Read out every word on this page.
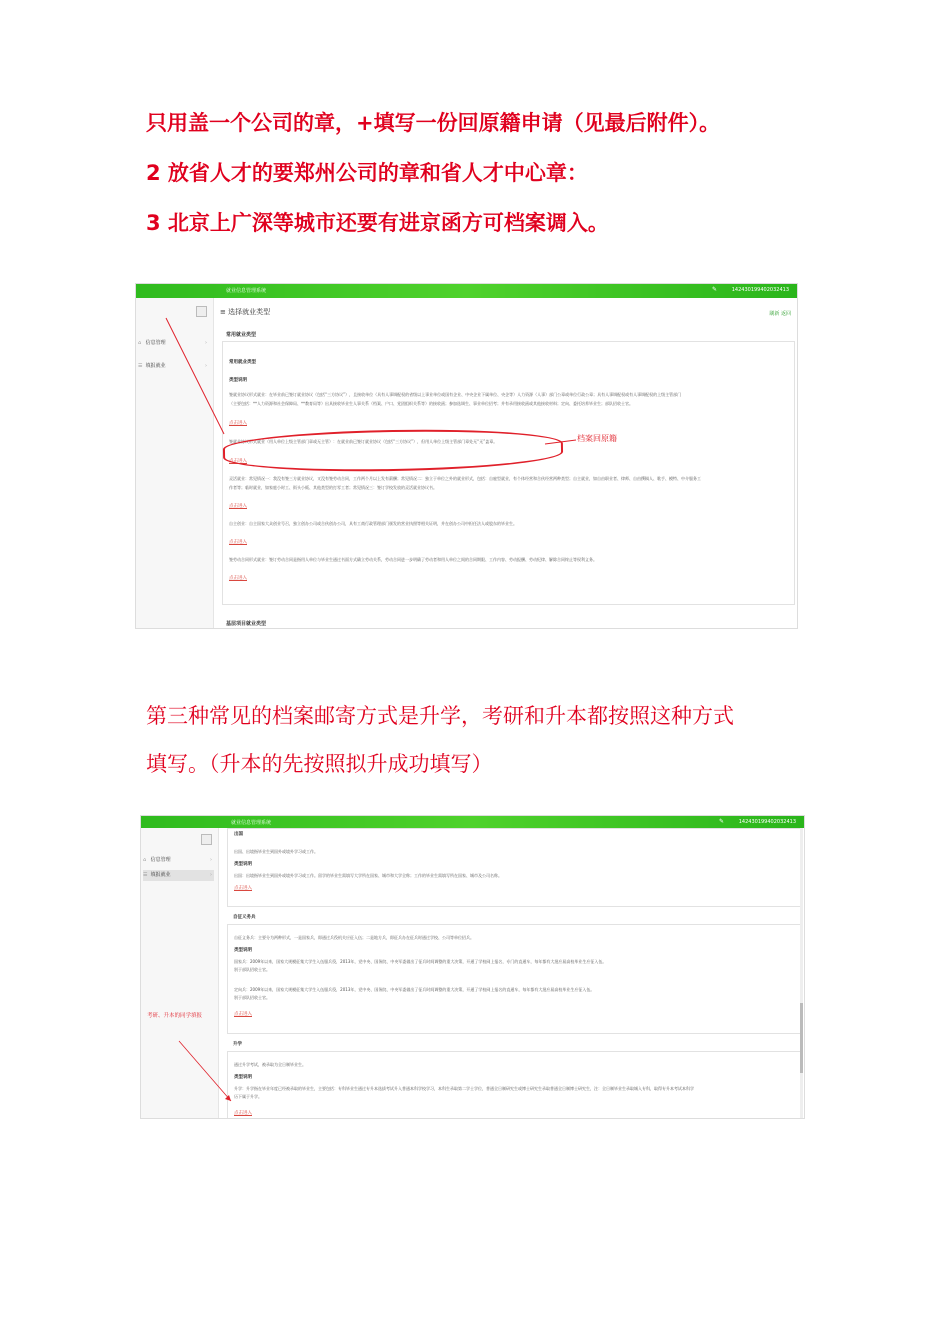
只用盖一个公司的章，+填写一份回原籍申请（见最后附件）。
2 放省人才的要郑州公司的章和省人才中心章：
3 北京上广深等城市还要有进京函方可档案调入。
就业信息管理系统	✎	142430199402032413
⌂ 信息管理	›
☰ 填报就业	›
≡ 选择就业类型	刷新 返回
常用就业类型
常用就业类型
类型说明
签就业协议形式就业：在毕业前已签订就业协议（包括“三方协议”），且接收单位（具有人事调配权的省级以上事业单位或国有企业、中央企业下属单位、央企等）人力资源（人事）部门公章或单位行政公章；具有人事调配权或有人事调配权的上级主管部门
（主要包括：**人力资源和社会保障局、**教育局等）出具接收毕业生人事关系（档案、户口、党团组织关系等）的接收函；参加选调生、事业单位招考；并有录用接收函或其他接收材料；定向、委托培养毕业生；部队招收士官。
点击进入
签就业协议形式就业（用人单位上级主管部门章或无主管）：在就业前已签订就业协议（包括“三方协议”），但用人单位上级主管部门章处无“无”盖章。
点击进入
灵活就业：常见情况一：我没有签三方就业协议，又没有签劳动合同，工作两个月以上发有薪酬；常见情况二：独立于单位之外的就业形式，包括：自雇型就业，有个体经营和合伙经营两种类型；自主就业，如自由职业者、律师、自由撰稿人、歌手、模特、中介服务工
作者等；临时就业，如家庭小时工、街头小贩、其他类型的打零工者；常见情况三：签订学校发放的灵活就业协议书。
点击进入
自主创业：自主国家大众创业号召，独立创办公司或合伙创办公司，具有工商行政管理部门颁发的营业执照等相关证明，并在创办公司中担任法人或股东的毕业生。
点击进入
签劳动合同形式就业：签订劳动合同是指用人单位与毕业生通过书面方式确立劳动关系，劳动合同进一步明确了劳动者和用人单位之间的合同期限、工作内容、劳动报酬、劳动纪律、解除合同终止等权利义务。
点击进入
基层项目就业类型
档案回原籍
第三种常见的档案邮寄方式是升学，考研和升本都按照这种方式
填写。（升本的先按照拟升成功填写）
就业信息管理系统	✎	142430199402032413
⌂ 信息管理	›
☰ 填报就业	›
出国
出国、出境指毕业生到国外或境外学习或工作。
类型说明
出国：出境指毕业生到国外或境外学习或工作。留学的毕业生需填写大学所在国家、城市和大学全称；工作的毕业生需填写所在国家、城市及公司名称。
点击进入
自征义务兵
自征义务兵：主要分为两种形式，一是国家兵，即通过兵役机关应征入伍；二是地方兵，即征兵办在征兵时通过学校、公司等单位招兵。
类型说明
国家兵：2009年以来，国家大规模征集大学生入伍服兵役，2013年，党中央、国务院、中央军委做出了征兵时间调整的重大决策，开通了学校网上报名，专门的直通车，每年都有大批应届高校毕业生应征入伍。
别于部队招收士官。
定向兵：2009年以来，国家大规模征集大学生入伍服兵役，2013年，党中央、国务院、中央军委做出了征兵时间调整的重大决策，开通了学校网上报名的直通车，每年都有大批应届高校毕业生应征入伍。
别于部队招收士官。
点击进入
升学
通过升学考试，被录取为全日制毕业生。
类型说明
升学：升学指在毕业年度已经被录取的毕业生，主要包括：专科毕业生通过专升本选拔考试升入普通本科学校学习，本科生录取第二学士学位，普通全日制研究生或博士研究生录取普通全日制博士研究生，注：全日制毕业生录取城入专科，取得专升本考试本科学
历下属于升学。
点击进入
考研、升本的同学填报
